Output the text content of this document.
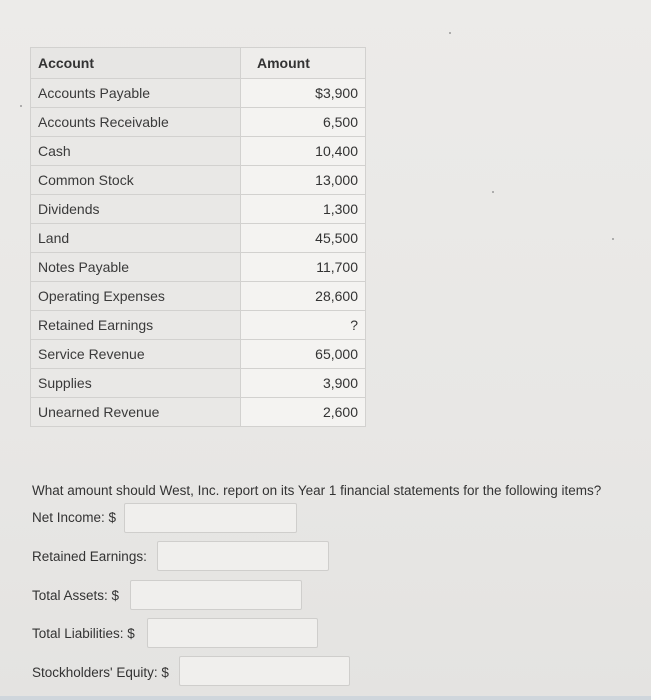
Account	Amount
Accounts Payable	$3,900
Accounts Receivable	6,500
Cash	10,400
Common Stock	13,000
Dividends	1,300
Land	45,500
Notes Payable	11,700
Operating Expenses	28,600
Retained Earnings	?
Service Revenue	65,000
Supplies	3,900
Unearned Revenue	2,600
What amount should West, Inc. report on its Year 1 financial statements for the following items?
Net Income: $
Retained Earnings:
Total Assets: $
Total Liabilities: $
Stockholders' Equity: $
